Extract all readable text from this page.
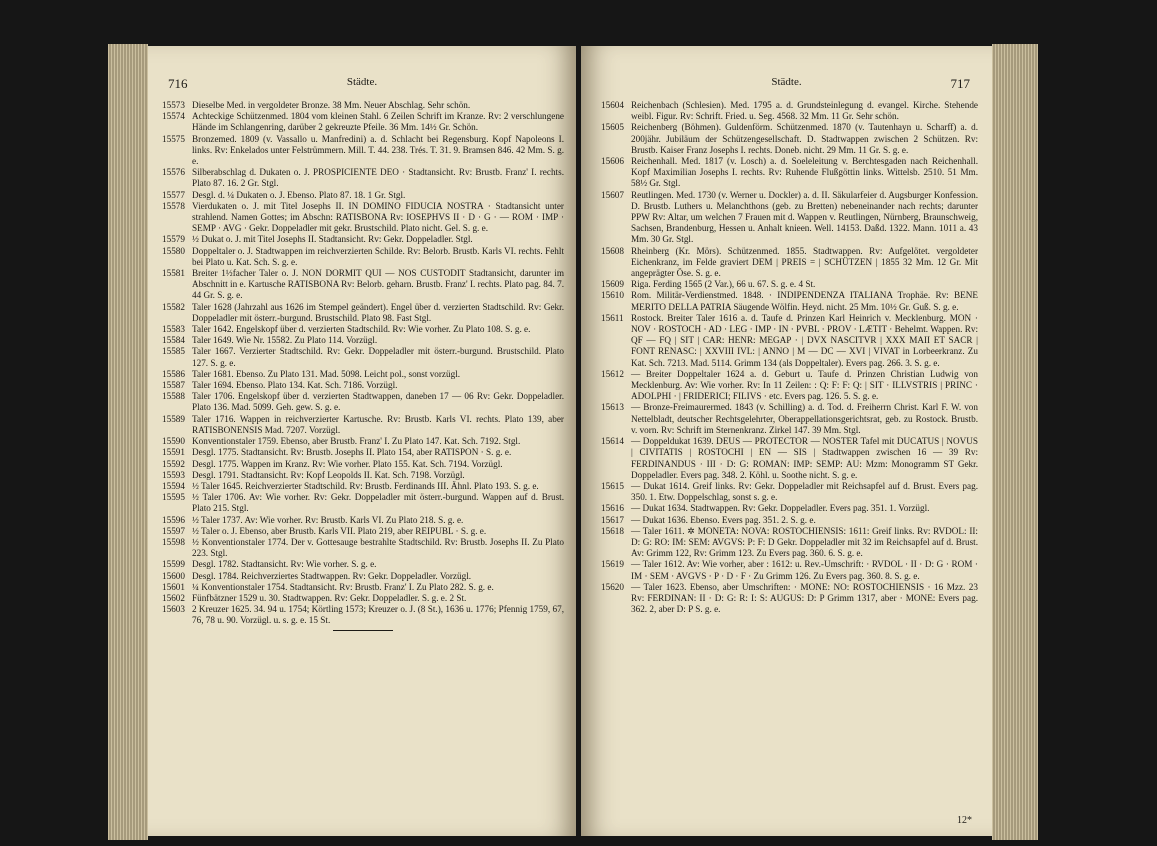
716	Städte.

15573 Dieselbe Med. in vergoldeter Bronze. 38 Mm. Neuer Abschlag. Sehr schön.

15574 Achteckige Schützenmed. 1804 vom kleinen Stahl. 6 Zeilen Schrift im Kranze. Rv: 2 verschlungene Hände im Schlangenring, darüber 2 gekreuzte Pfeile. 36 Mm. 14½ Gr. Schön.

15575 Bronzemed. 1809 (v. Vassallo u. Manfredini) a. d. Schlacht bei Regensburg. Kopf Napoleons I. links. Rv: Enkelados unter Felstrümmern. Mill. T. 44. 238. Trés. T. 31. 9. Bramsen 846. 42 Mm. S. g. e.

15576 Silberabschlag d. Dukaten o. J. PROSPICIENTE DEO · Stadtansicht. Rv: Brustb. Franz' I. rechts. Plato 87. 16. 2 Gr. Stgl.

15577 Desgl. d. ¼ Dukaten o. J. Ebenso. Plato 87. 18. 1 Gr. Stgl.

15578 Vierdukaten o. J. mit Titel Josephs II. IN DOMINO FIDUCIA NOSTRA · Stadtansicht unter strahlend. Namen Gottes; im Abschn: RATISBONA Rv: IOSEPHVS II · D · G · — ROM · IMP · SEMP · AVG · Gekr. Doppeladler mit gekr. Brustschild. Plato nicht. Gel. S. g. e.

15579 ½ Dukat o. J. mit Titel Josephs II. Stadtansicht. Rv: Gekr. Doppeladler. Stgl.

15580 Doppeltaler o. J. Stadtwappen im reichverzierten Schilde. Rv: Belorb. Brustb. Karls VI. rechts. Fehlt bei Plato u. Kat. Sch. S. g. e.

15581 Breiter 1½facher Taler o. J. NON DORMIT QUI — NOS CUSTODIT Stadtansicht, darunter im Abschnitt in e. Kartusche RATISBONA Rv: Belorb. geharn. Brustb. Franz' I. rechts. Plato pag. 84. 7. 44 Gr. S. g. e.

15582 Taler 1628 (Jahrzahl aus 1626 im Stempel geändert). Engel über d. verzierten Stadtschild. Rv: Gekr. Doppeladler mit österr.-burgund. Brustschild. Plato 98. Fast Stgl.

15583 Taler 1642. Engelskopf über d. verzierten Stadtschild. Rv: Wie vorher. Zu Plato 108. S. g. e.

15584 Taler 1649. Wie Nr. 15582. Zu Plato 114. Vorzügl.

15585 Taler 1667. Verzierter Stadtschild. Rv: Gekr. Doppeladler mit österr.-burgund. Brustschild. Plato 127. S. g. e.

15586 Taler 1681. Ebenso. Zu Plato 131. Mad. 5098. Leicht pol., sonst vorzügl.

15587 Taler 1694. Ebenso. Plato 134. Kat. Sch. 7186. Vorzügl.

15588 Taler 1706. Engelskopf über d. verzierten Stadtwappen, daneben 17 — 06 Rv: Gekr. Doppeladler. Plato 136. Mad. 5099. Geh. gew. S. g. e.

15589 Taler 1716. Wappen in reichverzierter Kartusche. Rv: Brustb. Karls VI. rechts. Plato 139, aber RATISBONENSIS Mad. 7207. Vorzügl.

15590 Konventionstaler 1759. Ebenso, aber Brustb. Franz' I. Zu Plato 147. Kat. Sch. 7192. Stgl.

15591 Desgl. 1775. Stadtansicht. Rv: Brustb. Josephs II. Plato 154, aber RATISPON · S. g. e.

15592 Desgl. 1775. Wappen im Kranz. Rv: Wie vorher. Plato 155. Kat. Sch. 7194. Vorzügl.

15593 Desgl. 1791. Stadtansicht. Rv: Kopf Leopolds II. Kat. Sch. 7198. Vorzügl.

15594 ½ Taler 1645. Reichverzierter Stadtschild. Rv: Brustb. Ferdinands III. Ähnl. Plato 193. S. g. e.

15595 ½ Taler 1706. Av: Wie vorher. Rv: Gekr. Doppeladler mit österr.-burgund. Wappen auf d. Brust. Plato 215. Stgl.

15596 ½ Taler 1737. Av: Wie vorher. Rv: Brustb. Karls VI. Zu Plato 218. S. g. e.

15597 ½ Taler o. J. Ebenso, aber Brustb. Karls VII. Plato 219, aber REIPUBL · S. g. e.

15598 ½ Konventionstaler 1774. Der v. Gottesauge bestrahlte Stadtschild. Rv: Brustb. Josephs II. Zu Plato 223. Stgl.

15599 Desgl. 1782. Stadtansicht. Rv: Wie vorher. S. g. e.

15600 Desgl. 1784. Reichverziertes Stadtwappen. Rv: Gekr. Doppeladler. Vorzügl.

15601 ¼ Konventionstaler 1754. Stadtansicht. Rv: Brustb. Franz' I. Zu Plato 282. S. g. e.

15602 Fünfbätzner 1529 u. 30. Stadtwappen. Rv: Gekr. Doppeladler. S. g. e. 2 St.

15603 2 Kreuzer 1625. 34. 94 u. 1754; Körtling 1573; Kreuzer o. J. (8 St.), 1636 u. 1776; Pfennig 1759, 67, 76, 78 u. 90. Vorzügl. u. s. g. e. 15 St.

Städte.	717

15604 Reichenbach (Schlesien). Med. 1795 a. d. Grundsteinlegung d. evangel. Kirche. Stehende weibl. Figur. Rv: Schrift. Fried. u. Seg. 4568. 32 Mm. 11 Gr. Sehr schön.

15605 Reichenberg (Böhmen). Guldenförm. Schützenmed. 1870 (v. Tautenhayn u. Scharff) a. d. 200jähr. Jubiläum der Schützengesellschaft. D. Stadtwappen zwischen 2 Schützen. Rv: Brustb. Kaiser Franz Josephs I. rechts. Doneb. nicht. 29 Mm. 11 Gr. S. g. e.

15606 Reichenhall. Med. 1817 (v. Losch) a. d. Soeleleitung v. Berchtesgaden nach Reichenhall. Kopf Maximilian Josephs I. rechts. Rv: Ruhende Flußgöttin links. Wittelsb. 2510. 51 Mm. 58½ Gr. Stgl.

15607 Reutlingen. Med. 1730 (v. Werner u. Dockler) a. d. II. Säkularfeier d. Augsburger Konfession. D. Brustb. Luthers u. Melanchthons (geb. zu Bretten) nebeneinander nach rechts; darunter PPW Rv: Altar, um welchen 7 Frauen mit d. Wappen v. Reutlingen, Nürnberg, Braunschweig, Sachsen, Brandenburg, Hessen u. Anhalt knieen. Well. 14153. Daßd. 1322. Mann. 1011 a. 43 Mm. 30 Gr. Stgl.

15608 Rheinberg (Kr. Mörs). Schützenmed. 1855. Stadtwappen. Rv: Aufgelötet. vergoldeter Eichenkranz, im Felde graviert DEM | PREIS = | SCHÜTZEN | 1855 32 Mm. 12 Gr. Mit angeprägter Öse. S. g. e.

15609 Riga. Ferding 1565 (2 Var.), 66 u. 67. S. g. e. 4 St.

15610 Rom. Militär-Verdienstmed. 1848. · INDIPENDENZA ITALIANA Trophäe. Rv: BENE MERITO DELLA PATRIA Säugende Wölfin. Heyd. nicht. 25 Mm. 10½ Gr. Guß. S. g. e.

15611 Rostock. Breiter Taler 1616 a. d. Taufe d. Prinzen Karl Heinrich v. Mecklenburg. MON · NOV · ROSTOCH · AD · LEG · IMP · IN · PVBL · PROV · LÆTIT · Behelmt. Wappen. Rv: QF — FQ | SIT | CAR: HENR: MEGAP · | DVX NASCITVR | XXX MAII ET SACR | FONT RENASC: | XXVIII IVL: | ANNO | M — DC — XVI | VIVAT in Lorbeerkranz. Zu Kat. Sch. 7213. Mad. 5114. Grimm 134 (als Doppeltaler). Evers pag. 266. 3. S. g. e.

15612 — Breiter Doppeltaler 1624 a. d. Geburt u. Taufe d. Prinzen Christian Ludwig von Mecklenburg. Av: Wie vorher. Rv: In 11 Zeilen: : Q: F: F: Q: | SIT · ILLVSTRIS | PRINC · ADOLPHI · | FRIDERICI; FILIVS · etc. Evers pag. 126. 5. S. g. e.

15613 — Bronze-Freimaurermed. 1843 (v. Schilling) a. d. Tod. d. Freiherrn Christ. Karl F. W. von Nettelbladt, deutscher Rechtsgelehrter, Oberappellationsgerichtsrat, geb. zu Rostock. Brustb. v. vorn. Rv: Schrift im Sternenkranz. Zirkel 147. 39 Mm. Stgl.

15614 — Doppeldukat 1639. DEUS — PROTECTOR — NOSTER Tafel mit DUCATUS | NOVUS | CIVITATIS | ROSTOCHI | EN — SIS | Stadtwappen zwischen 16 — 39 Rv: FERDINANDUS · III · D: G: ROMAN: IMP: SEMP: AU: Mzm: Monogramm ST Gekr. Doppeladler. Evers pag. 348. 2. Köhl. u. Soothe nicht. S. g. e.

15615 — Dukat 1614. Greif links. Rv: Gekr. Doppeladler mit Reichsapfel auf d. Brust. Evers pag. 350. 1. Etw. Doppelschlag, sonst s. g. e.

15616 — Dukat 1634. Stadtwappen. Rv: Gekr. Doppeladler. Evers pag. 351. 1. Vorzügl.

15617 — Dukat 1636. Ebenso. Evers pag. 351. 2. S. g. e.

15618 — Taler 1611. ✲ MONETA: NOVA: ROSTOCHIENSIS: 1611: Greif links. Rv: RVDOL: II: D: G: RO: IM: SEM: AVGVS: P: F: D Gekr. Doppeladler mit 32 im Reichsapfel auf d. Brust. Av: Grimm 122, Rv: Grimm 123. Zu Evers pag. 360. 6. S. g. e.

15619 — Taler 1612. Av: Wie vorher, aber : 1612: u. Rev.-Umschrift: · RVDOL · II · D: G · ROM · IM · SEM · AVGVS · P · D · F · Zu Grimm 126. Zu Evers pag. 360. 8. S. g. e.

15620 — Taler 1623. Ebenso, aber Umschriften: · MONE: NO: ROSTOCHIENSIS · 16 Mzz. 23 Rv: FERDINAN: II · D: G: R: I: S: AUGUS: D: P Grimm 1317, aber · MONE: Evers pag. 362. 2, aber D: P S. g. e.

12*
